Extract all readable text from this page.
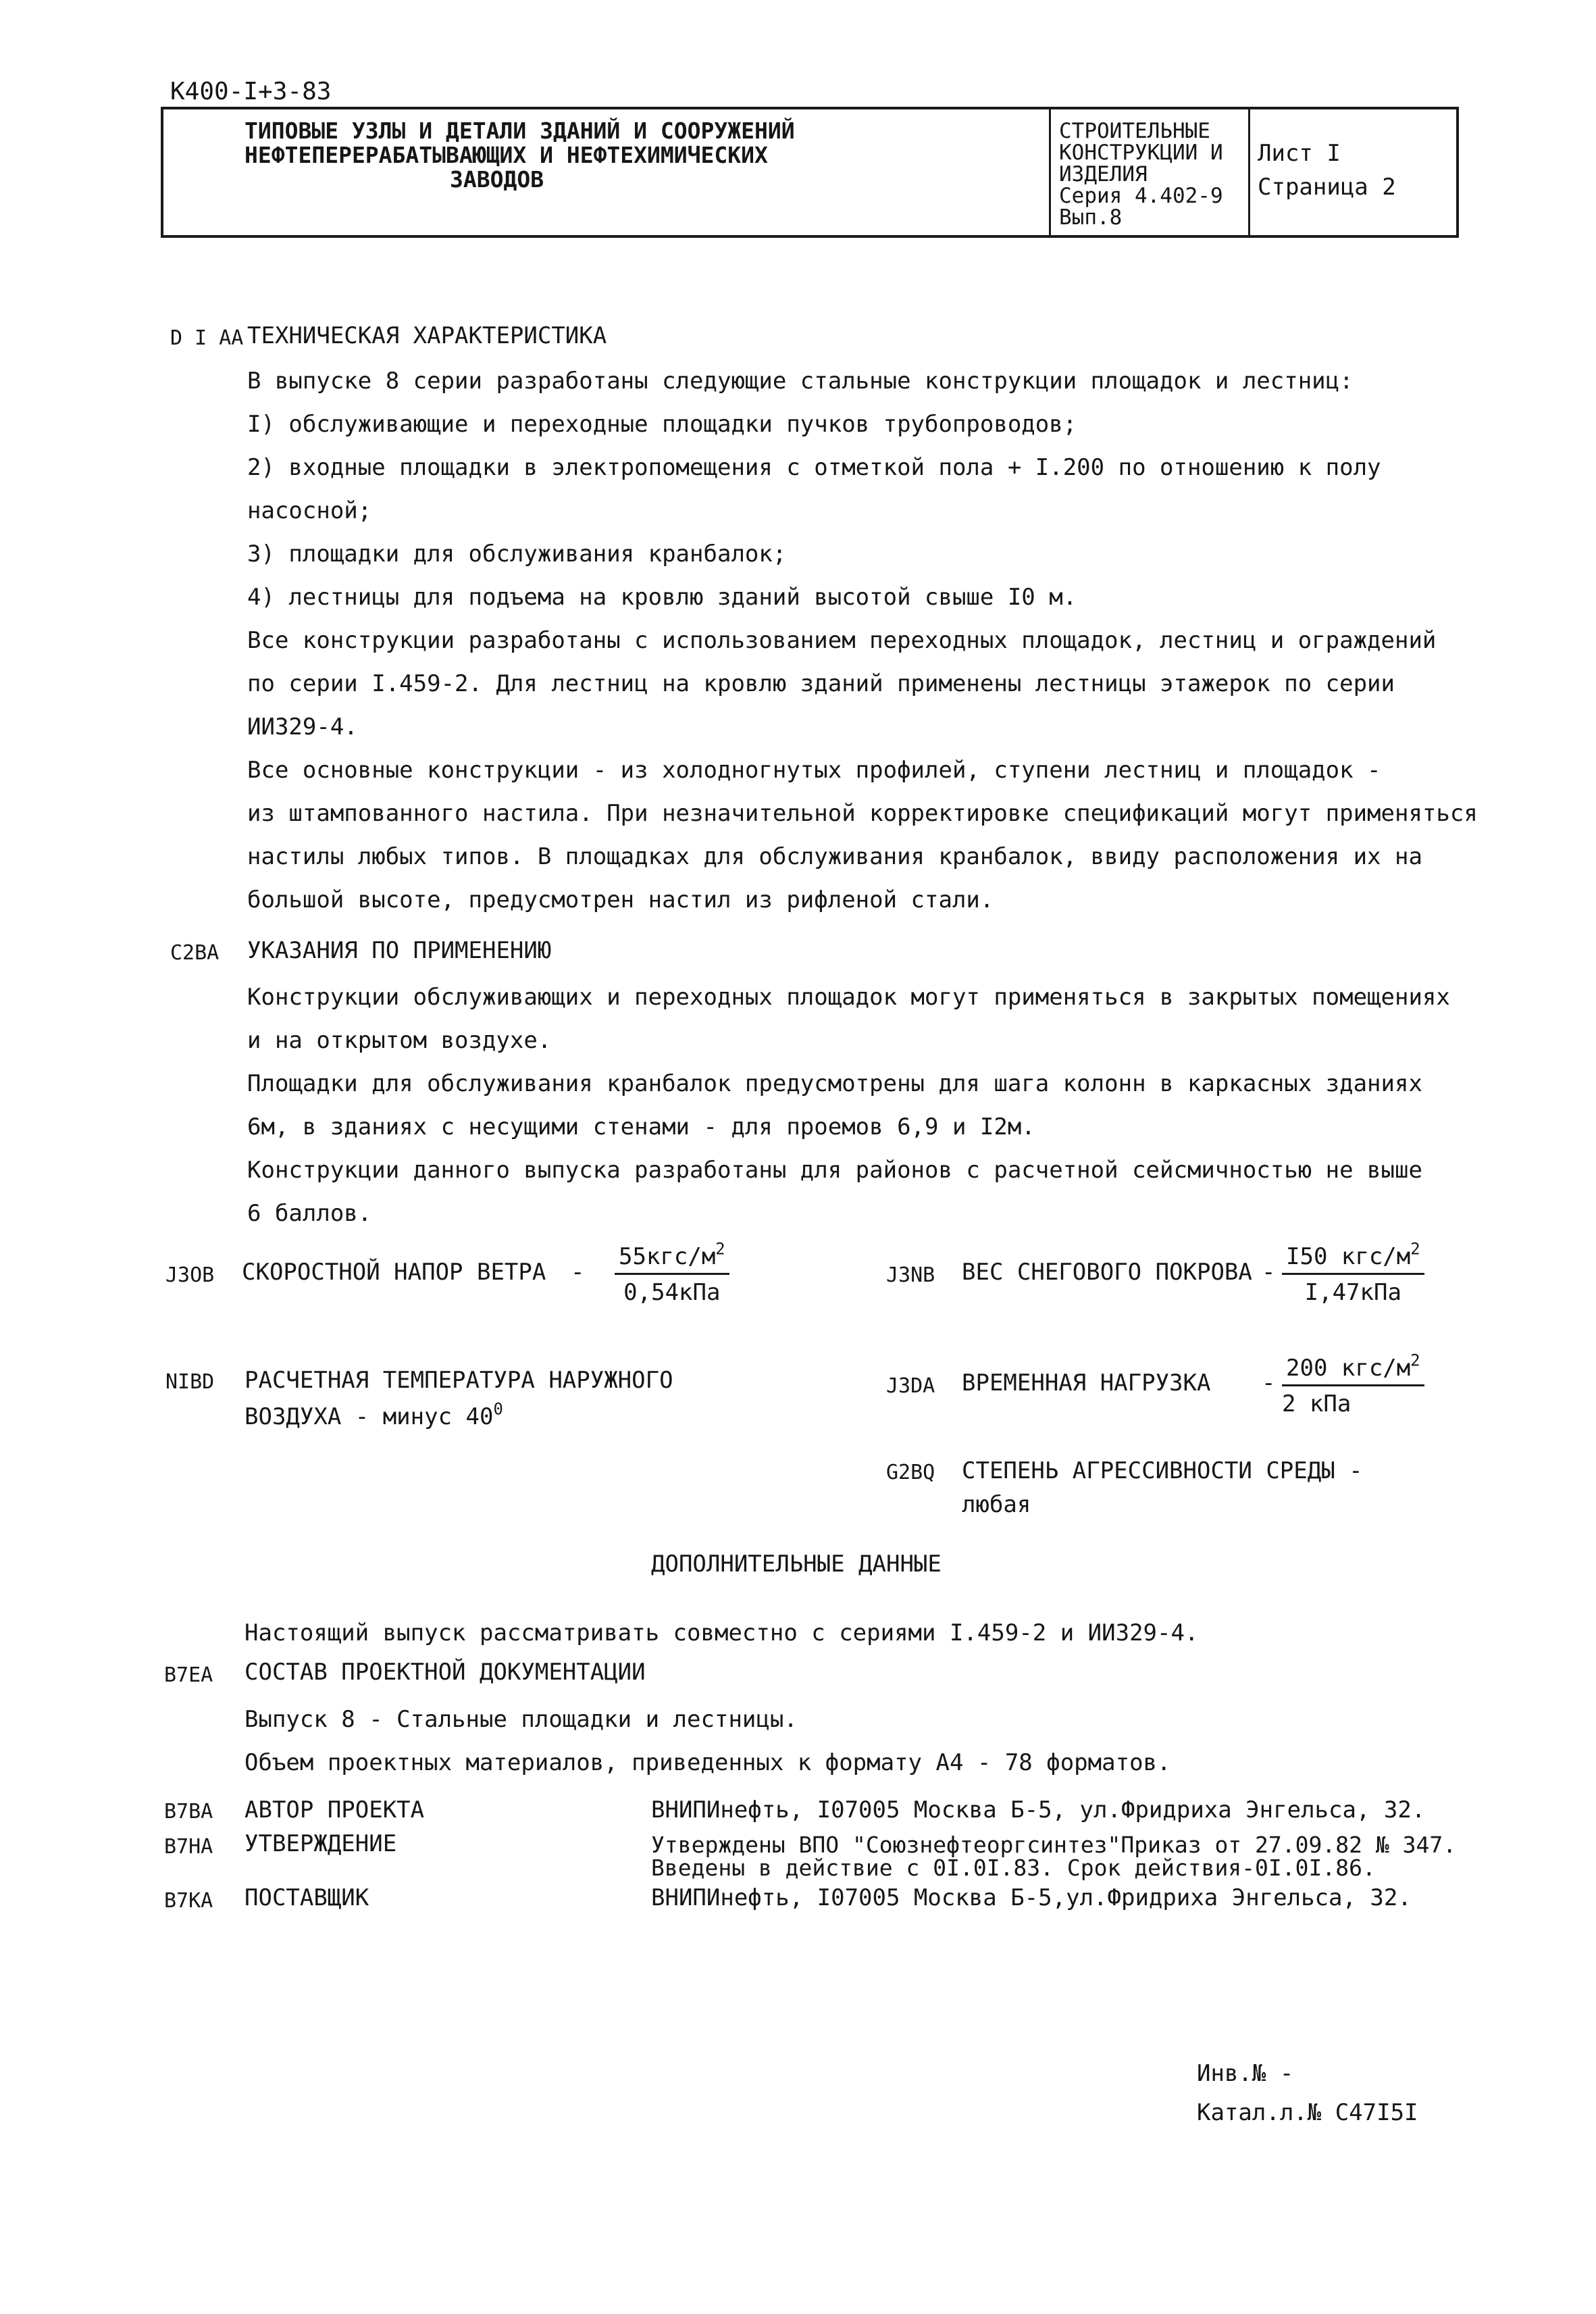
К400-I+3-83
ТИПОВЫЕ УЗЛЫ И ДЕТАЛИ ЗДАНИЙ И СООРУЖЕНИЙ
НЕФТЕПЕРЕРАБАТЫВАЮЩИХ И НЕФТЕХИМИЧЕСКИХ
ЗАВОДОВ
СТРОИТЕЛЬНЫЕ
КОНСТРУКЦИИ И
ИЗДЕЛИЯ
Серия 4.402-9
Вып.8
Лист I
Страница 2
D I AA ТЕХНИЧЕСКАЯ ХАРАКТЕРИСТИКА
В выпуске 8 серии разработаны следующие стальные конструкции площадок и лестниц:
I) обслуживающие и переходные площадки пучков трубопроводов;
2) входные площадки в электропомещения с отметкой пола + I.200 по отношению к полу
насосной;
3) площадки для обслуживания кранбалок;
4) лестницы для подъема на кровлю зданий высотой свыше I0 м.
Все конструкции разработаны с использованием переходных площадок, лестниц и ограждений
по серии I.459-2. Для лестниц на кровлю зданий применены лестницы этажерок по серии
ИИ329-4.
Все основные конструкции - из холодногнутых профилей, ступени лестниц и площадок -
из штампованного настила. При незначительной корректировке спецификаций могут применяться
настилы любых типов. В площадках для обслуживания кранбалок, ввиду расположения их на
большой высоте, предусмотрен настил из рифленой стали.
C2BA УКАЗАНИЯ ПО ПРИМЕНЕНИЮ
Конструкции обслуживающих и переходных площадок могут применяться в закрытых помещениях
и на открытом воздухе.
Площадки для обслуживания кранбалок предусмотрены для шага колонн в каркасных зданиях
6м, в зданиях с несущими стенами - для проемов 6,9 и I2м.
Конструкции данного выпуска разработаны для районов с расчетной сейсмичностью не выше
6 баллов.
J3OB СКОРОСТНОЙ НАПОР ВЕТРА -
$55кгс/м^2$
0,54кПа
J3NB ВЕС СНЕГОВОГО ПОКРОВА -
I50 кгс/$м^2$
I,47кПа
NIBD РАСЧЕТНАЯ ТЕМПЕРАТУРА НАРУЖНОГО
ВОЗДУХА - минус $40^0$
J3DA ВРЕМЕННАЯ НАГРУЗКА -
200 кгс/$м^2$
2 кПа
G2BQ СТЕПЕНЬ АГРЕССИВНОСТИ СРЕДЫ -
любая
ДОПОЛНИТЕЛЬНЫЕ ДАННЫЕ
Настоящий выпуск рассматривать совместно с сериями I.459-2 и ИИ329-4.
B7EA СОСТАВ ПРОЕКТНОЙ ДОКУМЕНТАЦИИ
Выпуск 8 - Стальные площадки и лестницы.
Объем проектных материалов, приведенных к формату А4 - 78 форматов.
B7BA АВТОР ПРОЕКТА	ВНИПИнефть, I07005 Москва Б-5, ул.Фридриха Энгельса, 32.
B7HA УТВЕРЖДЕНИЕ	Утверждены ВПО "Союзнефтеоргсинтез"Приказ от 27.09.82 № 347.
Введены в действие с 0I.0I.83. Срок действия-0I.0I.86.
B7KA ПОСТАВЩИК	ВНИПИнефть, I07005 Москва Б-5,ул.Фридриха Энгельса, 32.
Инв.№ -
Катал.л.№ С47I5I
